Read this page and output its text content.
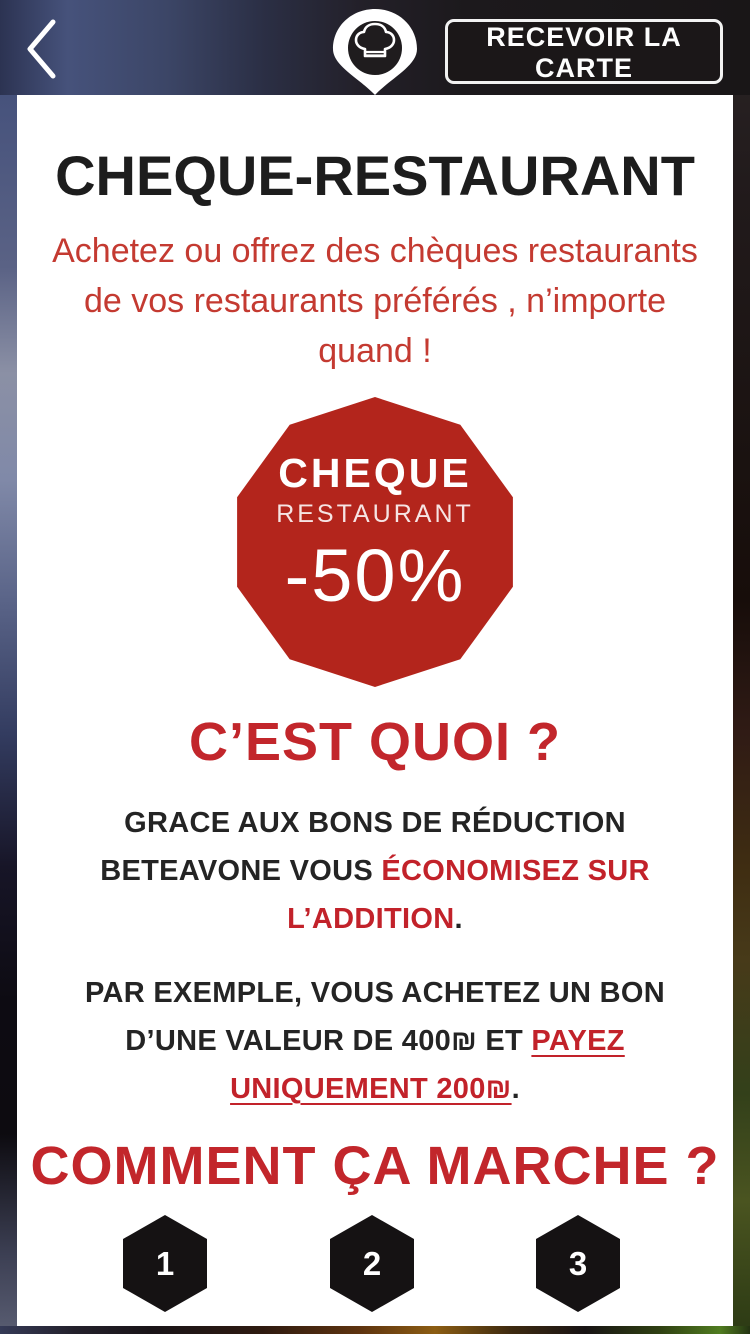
RECEVOIR LA CARTE
CHEQUE-RESTAURANT

Achetez ou offrez des chèques restaurants de vos restaurants préférés , n’importe quand !

CHEQUE
RESTAURANT
-50%
C’EST QUOI ?

GRACE AUX BONS DE RÉDUCTION BETEAVONE VOUS ÉCONOMISEZ SUR L’ADDITION.

PAR EXEMPLE, VOUS ACHETEZ UN BON D’UNE VALEUR DE 400₪ ET PAYEZ UNIQUEMENT 200₪.

COMMENT ÇA MARCHE ?
1	2	3
